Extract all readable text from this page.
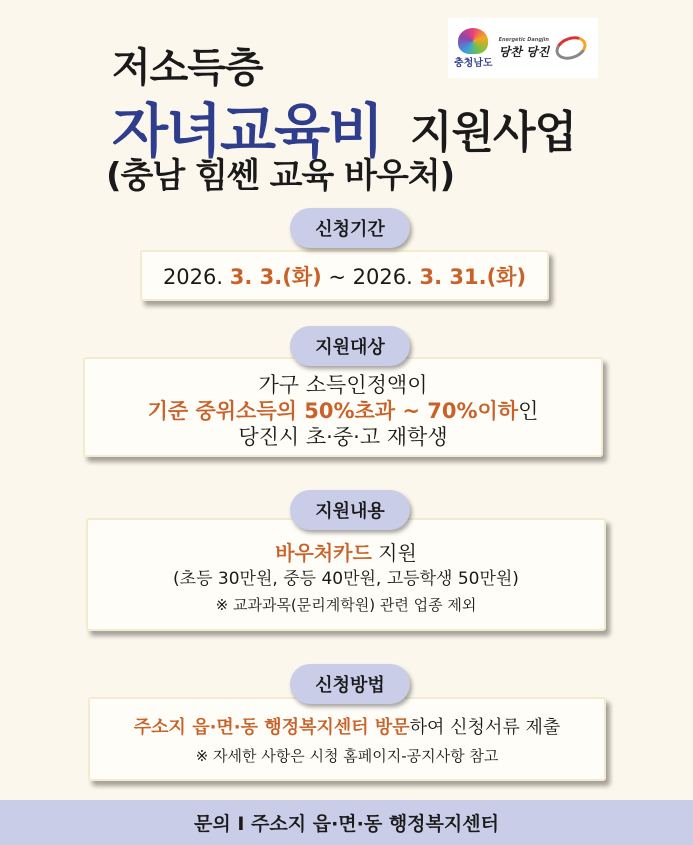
저소득층
자녀교육비 지원사업
(충남 힘쎈 교육 바우처)
충청남도
Energetic Dangjin
당찬 당진
신청기간
2026. 3. 3.(화) ~ 2026. 3. 31.(화)
지원대상
가구 소득인정액이
기준 중위소득의 50%초과 ~ 70%이하인
당진시 초·중·고 재학생
지원내용
바우처카드 지원
(초등 30만원, 중등 40만원, 고등학생 50만원)
※ 교과과목(문리계학원) 관련 업종 제외
신청방법
주소지 읍·면·동 행정복지센터 방문하여 신청서류 제출
※ 자세한 사항은 시청 홈페이지-공지사항 참고
문의 I 주소지 읍·면·동 행정복지센터
